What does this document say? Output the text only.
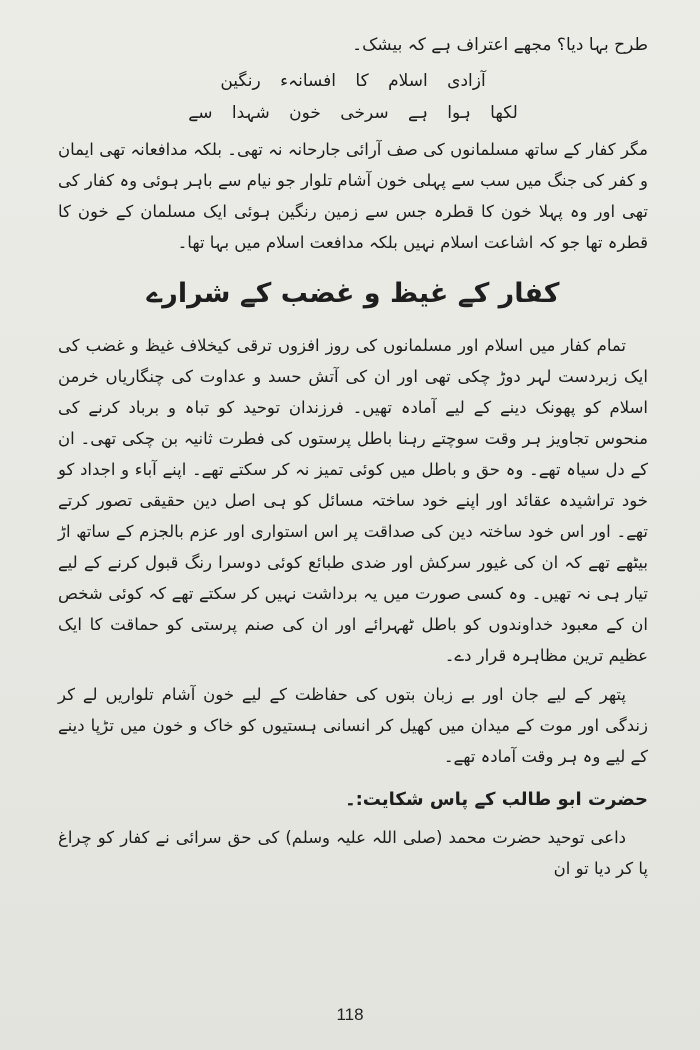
طرح بہا دیا؟ مجھے اعتراف ہے کہ بیشک۔

آزادی اسلام کا افسانہء رنگین

لکھا ہوا ہے سرخی خون شہدا سے

مگر کفار کے ساتھ مسلمانوں کی صف آرائی جارحانہ نہ تھی۔ بلکہ مدافعانہ تھی ایمان و کفر کی جنگ میں سب سے پہلی خون آشام تلوار جو نیام سے باہر ہوئی وہ کفار کی تھی اور وہ پہلا خون کا قطرہ جس سے زمین رنگین ہوئی ایک مسلمان کے خون کا قطرہ تھا جو کہ اشاعت اسلام نہیں بلکہ مدافعت اسلام میں بہا تھا۔

کفار کے غیظ و غضب کے شرارے

تمام کفار میں اسلام اور مسلمانوں کی روز افزوں ترقی کیخلاف غیظ و غضب کی ایک زبردست لہر دوڑ چکی تھی اور ان کی آتش حسد و عداوت کی چنگاریاں خرمن اسلام کو پھونک دینے کے لیے آمادہ تھیں۔ فرزندان توحید کو تباہ و برباد کرنے کی منحوس تجاویز ہر وقت سوچتے رہنا باطل پرستوں کی فطرت ثانیہ بن چکی تھی۔ ان کے دل سیاہ تھے۔ وہ حق و باطل میں کوئی تمیز نہ کر سکتے تھے۔ اپنے آباء و اجداد کو خود تراشیدہ عقائد اور اپنے خود ساختہ مسائل کو ہی اصل دین حقیقی تصور کرتے تھے۔ اور اس خود ساختہ دین کی صداقت پر اس استواری اور عزم بالجزم کے ساتھ اڑ بیٹھے تھے کہ ان کی غیور سرکش اور ضدی طبائع کوئی دوسرا رنگ قبول کرنے کے لیے تیار ہی نہ تھیں۔ وہ کسی صورت میں یہ برداشت نہیں کر سکتے تھے کہ کوئی شخص ان کے معبود خداوندوں کو باطل ٹھہرائے اور ان کی صنم پرستی کو حماقت کا ایک عظیم ترین مظاہرہ قرار دے۔

پتھر کے لیے جان اور بے زبان بتوں کی حفاظت کے لیے خون آشام تلواریں لے کر زندگی اور موت کے میدان میں کھیل کر انسانی ہستیوں کو خاک و خون میں تڑپا دینے کے لیے وہ ہر وقت آمادہ تھے۔

حضرت ابو طالب کے پاس شکایت:۔

داعی توحید حضرت محمد (صلی اللہ علیہ وسلم) کی حق سرائی نے کفار کو چراغ پا کر دیا تو ان

118
